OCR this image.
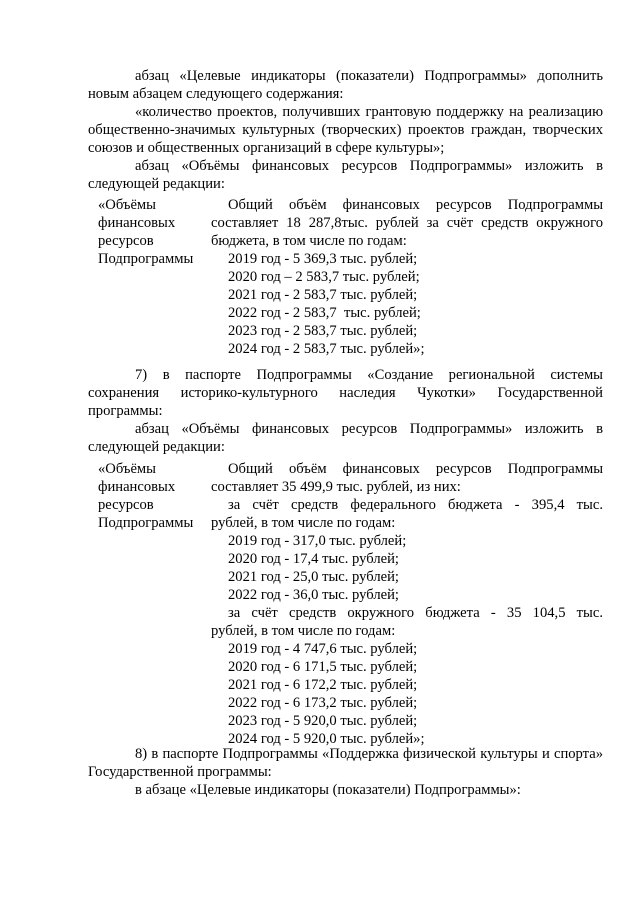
абзац «Целевые индикаторы (показатели) Подпрограммы» дополнить новым абзацем следующего содержания:

«количество проектов, получивших грантовую поддержку на реализацию общественно-значимых культурных (творческих) проектов граждан, творческих союзов и общественных организаций в сфере культуры»;

абзац «Объёмы финансовых ресурсов Подпрограммы» изложить в следующей редакции:

«Объёмы

финансовых

ресурсов

Подпрограммы

Общий объём финансовых ресурсов Подпрограммы

составляет 18 287,8тыс. рублей за счёт средств окружного

бюджета, в том числе по годам:

2019 год - 5 369,3 тыс. рублей;

2020 год – 2 583,7 тыс. рублей;

2021 год - 2 583,7 тыс. рублей;

2022 год - 2 583,7  тыс. рублей;

2023 год - 2 583,7 тыс. рублей;

2024 год - 2 583,7 тыс. рублей»;

7) в паспорте Подпрограммы «Создание региональной системы сохранения историко-культурного наследия Чукотки» Государственной программы:

абзац «Объёмы финансовых ресурсов Подпрограммы» изложить в следующей редакции:

«Объёмы

финансовых

ресурсов

Подпрограммы

Общий объём финансовых ресурсов Подпрограммы

составляет 35 499,9 тыс. рублей, из них:

за счёт средств федерального бюджета - 395,4 тыс.

рублей, в том числе по годам:

2019 год - 317,0 тыс. рублей;

2020 год - 17,4 тыс. рублей;

2021 год - 25,0 тыс. рублей;

2022 год - 36,0 тыс. рублей;

за счёт средств окружного бюджета - 35 104,5 тыс.

рублей, в том числе по годам:

2019 год - 4 747,6 тыс. рублей;

2020 год - 6 171,5 тыс. рублей;

2021 год - 6 172,2 тыс. рублей;

2022 год - 6 173,2 тыс. рублей;

2023 год - 5 920,0 тыс. рублей;

2024 год - 5 920,0 тыс. рублей»;

8) в паспорте Подпрограммы «Поддержка физической культуры и спорта» Государственной программы:

в абзаце «Целевые индикаторы (показатели) Подпрограммы»:
